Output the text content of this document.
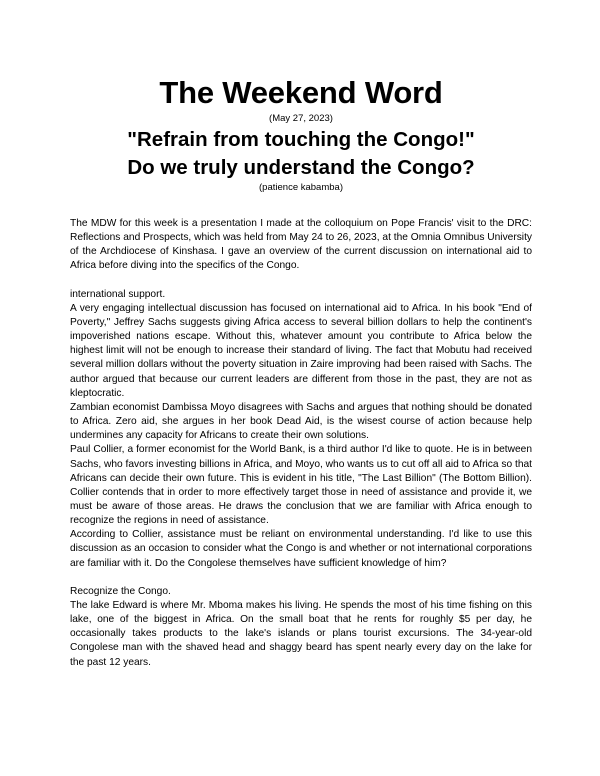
The Weekend Word
(May 27, 2023)
"Refrain from touching the Congo!"
Do we truly understand the Congo?
(patience kabamba)

The MDW for this week is a presentation I made at the colloquium on Pope Francis' visit to the DRC: Reflections and Prospects, which was held from May 24 to 26, 2023, at the Omnia Omnibus University of the Archdiocese of Kinshasa. I gave an overview of the current discussion on international aid to Africa before diving into the specifics of the Congo.

international support.

A very engaging intellectual discussion has focused on international aid to Africa. In his book "End of Poverty," Jeffrey Sachs suggests giving Africa access to several billion dollars to help the continent's impoverished nations escape. Without this, whatever amount you contribute to Africa below the highest limit will not be enough to increase their standard of living. The fact that Mobutu had received several million dollars without the poverty situation in Zaire improving had been raised with Sachs. The author argued that because our current leaders are different from those in the past, they are not as kleptocratic.

Zambian economist Dambissa Moyo disagrees with Sachs and argues that nothing should be donated to Africa. Zero aid, she argues in her book Dead Aid, is the wisest course of action because help undermines any capacity for Africans to create their own solutions.

Paul Collier, a former economist for the World Bank, is a third author I'd like to quote. He is in between Sachs, who favors investing billions in Africa, and Moyo, who wants us to cut off all aid to Africa so that Africans can decide their own future. This is evident in his title, "The Last Billion" (The Bottom Billion). Collier contends that in order to more effectively target those in need of assistance and provide it, we must be aware of those areas. He draws the conclusion that we are familiar with Africa enough to recognize the regions in need of assistance.

According to Collier, assistance must be reliant on environmental understanding. I'd like to use this discussion as an occasion to consider what the Congo is and whether or not international corporations are familiar with it. Do the Congolese themselves have sufficient knowledge of him?

Recognize the Congo.

The lake Edward is where Mr. Mboma makes his living. He spends the most of his time fishing on this lake, one of the biggest in Africa. On the small boat that he rents for roughly $5 per day, he occasionally takes products to the lake's islands or plans tourist excursions. The 34-year-old Congolese man with the shaved head and shaggy beard has spent nearly every day on the lake for the past 12 years.
